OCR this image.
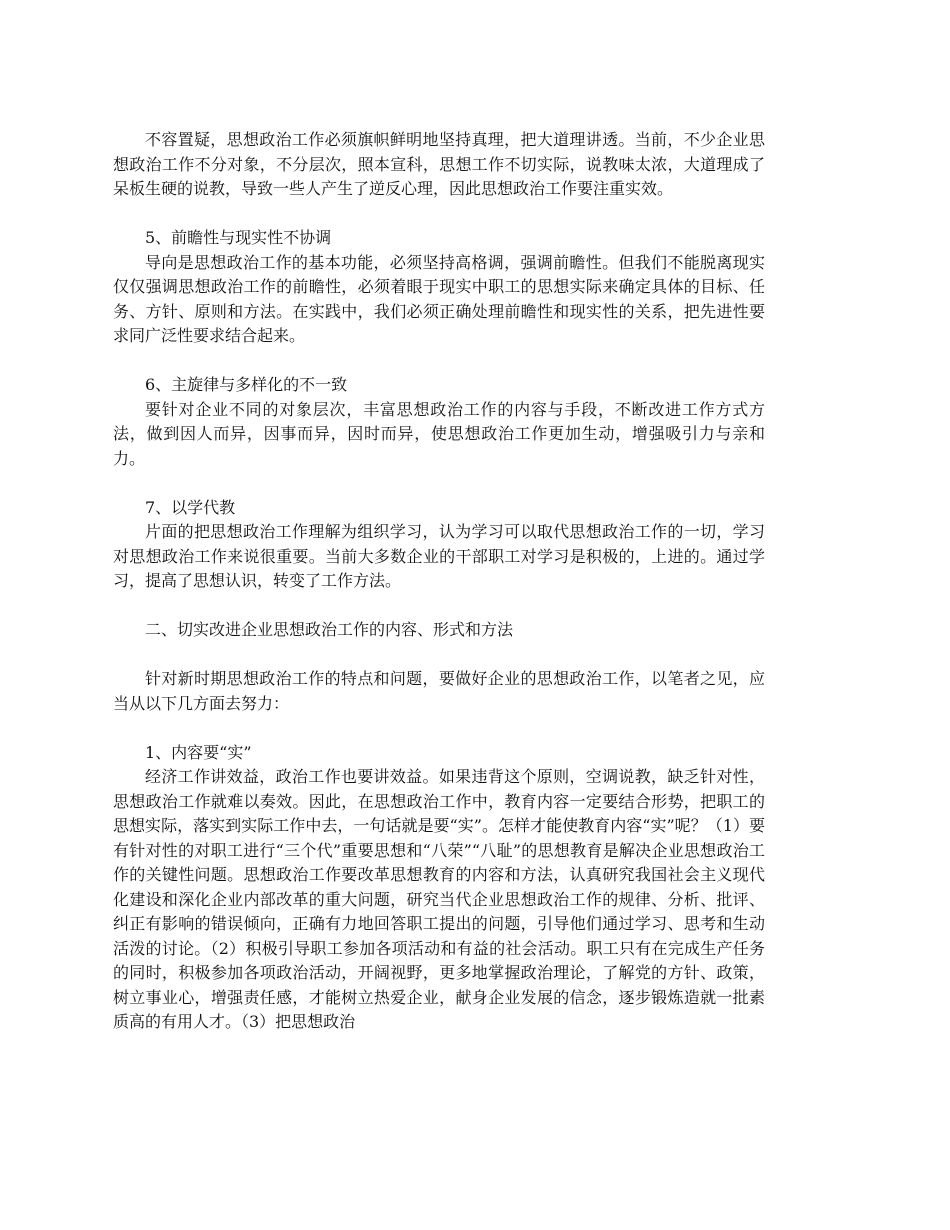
不容置疑，思想政治工作必须旗帜鲜明地坚持真理，把大道理讲透。当前，不少企业思想政治工作不分对象，不分层次，照本宣科，思想工作不切实际，说教味太浓，大道理成了呆板生硬的说教，导致一些人产生了逆反心理，因此思想政治工作要注重实效。

5、前瞻性与现实性不协调

导向是思想政治工作的基本功能，必须坚持高格调，强调前瞻性。但我们不能脱离现实仅仅强调思想政治工作的前瞻性，必须着眼于现实中职工的思想实际来确定具体的目标、任务、方针、原则和方法。在实践中，我们必须正确处理前瞻性和现实性的关系，把先进性要求同广泛性要求结合起来。

6、主旋律与多样化的不一致

要针对企业不同的对象层次，丰富思想政治工作的内容与手段，不断改进工作方式方法，做到因人而异，因事而异，因时而异，使思想政治工作更加生动，增强吸引力与亲和力。

7、以学代教

片面的把思想政治工作理解为组织学习，认为学习可以取代思想政治工作的一切，学习对思想政治工作来说很重要。当前大多数企业的干部职工对学习是积极的，上进的。通过学习，提高了思想认识，转变了工作方法。

二、切实改进企业思想政治工作的内容、形式和方法

针对新时期思想政治工作的特点和问题，要做好企业的思想政治工作，以笔者之见，应当从以下几方面去努力：

1、内容要“实”

经济工作讲效益，政治工作也要讲效益。如果违背这个原则，空调说教，缺乏针对性，思想政治工作就难以奏效。因此，在思想政治工作中，教育内容一定要结合形势，把职工的思想实际，落实到实际工作中去，一句话就是要“实”。怎样才能使教育内容“实”呢？（1）要有针对性的对职工进行“三个代”重要思想和“八荣”“八耻”的思想教育是解决企业思想政治工作的关键性问题。思想政治工作要改革思想教育的内容和方法，认真研究我国社会主义现代化建设和深化企业内部改革的重大问题，研究当代企业思想政治工作的规律、分析、批评、纠正有影响的错误倾向，正确有力地回答职工提出的问题，引导他们通过学习、思考和生动活泼的讨论。（2）积极引导职工参加各项活动和有益的社会活动。职工只有在完成生产任务的同时，积极参加各项政治活动，开阔视野，更多地掌握政治理论，了解党的方针、政策，树立事业心，增强责任感，才能树立热爱企业，献身企业发展的信念，逐步锻炼造就一批素质高的有用人才。（3）把思想政治
